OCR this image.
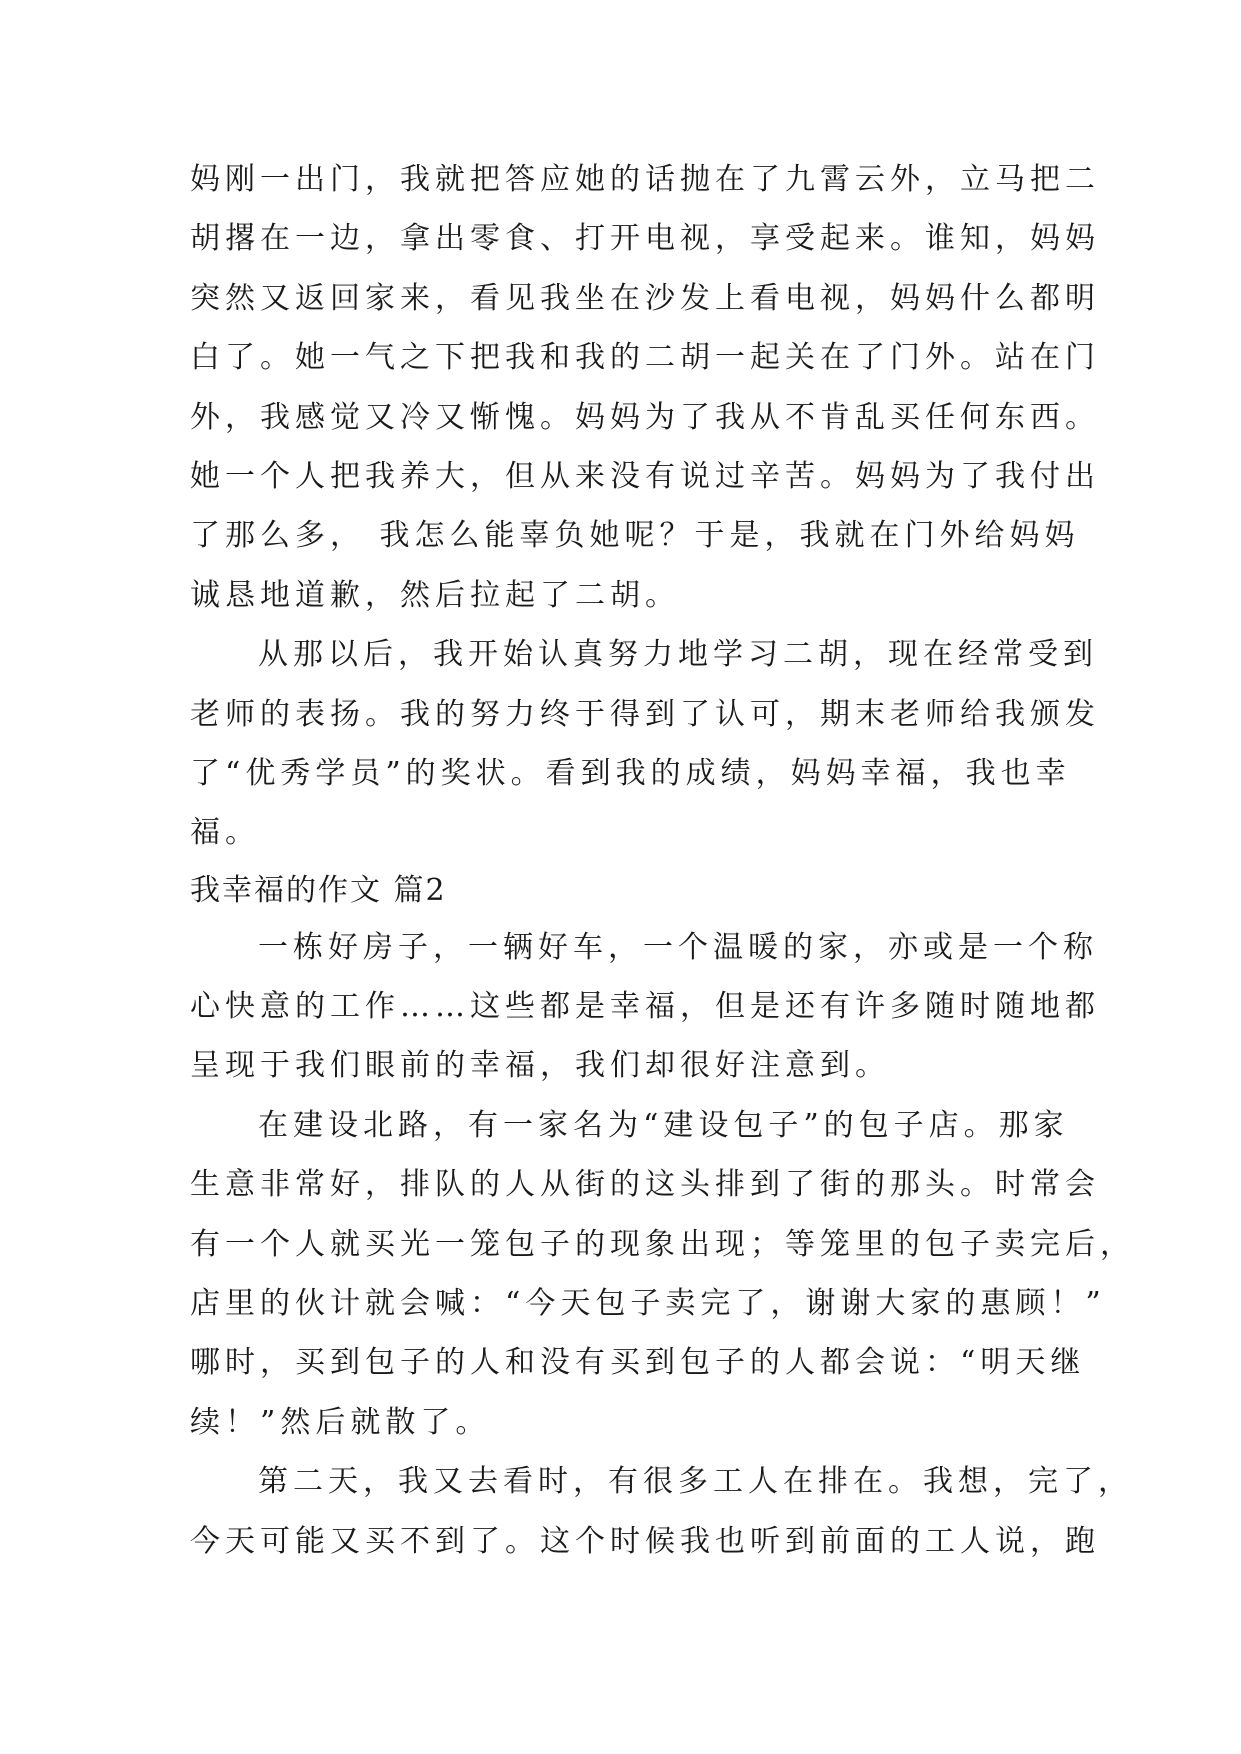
妈刚一出门，我就把答应她的话抛在了九霄云外，立马把二
胡撂在一边，拿出零食、打开电视，享受起来。谁知，妈妈
突然又返回家来，看见我坐在沙发上看电视，妈妈什么都明
白了。她一气之下把我和我的二胡一起关在了门外。站在门
外，我感觉又冷又惭愧。妈妈为了我从不肯乱买任何东西。
她一个人把我养大，但从来没有说过辛苦。妈妈为了我付出
了那么多， 我怎么能辜负她呢？于是，我就在门外给妈妈
诚恳地道歉，然后拉起了二胡。
从那以后，我开始认真努力地学习二胡，现在经常受到
老师的表扬。我的努力终于得到了认可，期末老师给我颁发
了“优秀学员”的奖状。看到我的成绩，妈妈幸福，我也幸
福。
我幸福的作文 篇2
一栋好房子，一辆好车，一个温暖的家，亦或是一个称
心快意的工作……这些都是幸福，但是还有许多随时随地都
呈现于我们眼前的幸福，我们却很好注意到。
在建设北路，有一家名为“建设包子”的包子店。那家
生意非常好，排队的人从街的这头排到了街的那头。时常会
有一个人就买光一笼包子的现象出现；等笼里的包子卖完后，
店里的伙计就会喊：“今天包子卖完了，谢谢大家的惠顾！”
哪时，买到包子的人和没有买到包子的人都会说：“明天继
续！”然后就散了。
第二天，我又去看时，有很多工人在排在。我想，完了，
今天可能又买不到了。这个时候我也听到前面的工人说，跑
